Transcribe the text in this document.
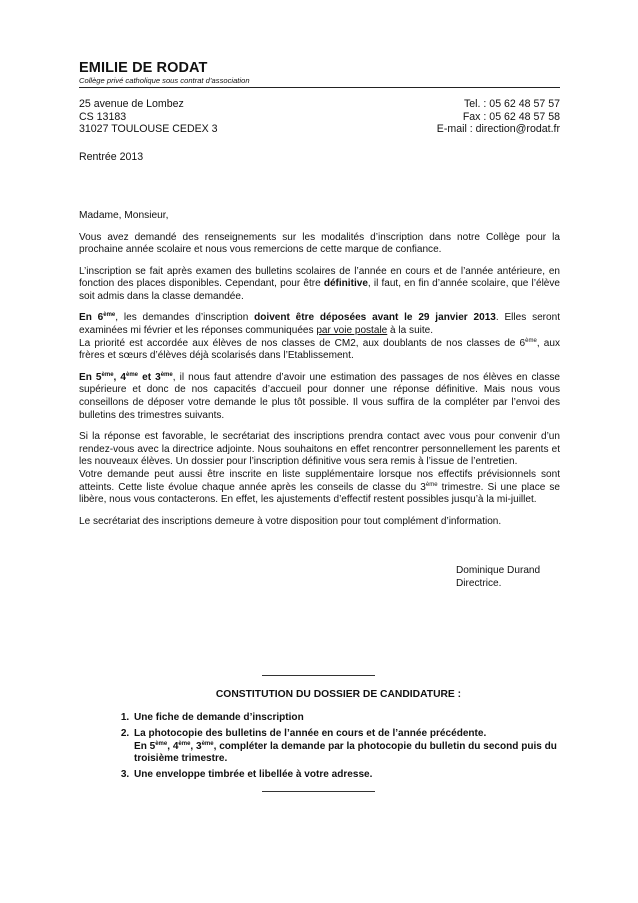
EMILIE DE RODAT
Collège privé catholique sous contrat d’association
25 avenue de Lombez
CS 13183
31027 TOULOUSE CEDEX 3
Tel. : 05 62 48 57 57
Fax : 05 62 48 57 58
E-mail : direction@rodat.fr
Rentrée 2013
Madame, Monsieur,

Vous avez demandé des renseignements sur les modalités d’inscription dans notre Collège pour la prochaine année scolaire et nous vous remercions de cette marque de confiance.

L’inscription se fait après examen des bulletins scolaires de l’année en cours et de l’année antérieure, en fonction des places disponibles. Cependant, pour être définitive, il faut, en fin d’année scolaire, que l’élève soit admis dans la classe demandée.

En 6ème, les demandes d’inscription doivent être déposées avant le 29 janvier 2013. Elles seront examinées mi février et les réponses communiquées par voie postale à la suite.
La priorité est accordée aux élèves de nos classes de CM2, aux doublants de nos classes de 6ème, aux frères et sœurs d’élèves déjà scolarisés dans l’Etablissement.

En 5ème, 4ème et 3ème, il nous faut attendre d’avoir une estimation des passages de nos élèves en classe supérieure et donc de nos capacités d’accueil pour donner une réponse définitive. Mais nous vous conseillons de déposer votre demande le plus tôt possible. Il vous suffira de la compléter par l’envoi des bulletins des trimestres suivants.

Si la réponse est favorable, le secrétariat des inscriptions prendra contact avec vous pour convenir d’un rendez-vous avec la directrice adjointe. Nous souhaitons en effet rencontrer personnellement les parents et les nouveaux élèves. Un dossier pour l’inscription définitive vous sera remis à l’issue de l’entretien.
Votre demande peut aussi être inscrite en liste supplémentaire lorsque nos effectifs prévisionnels sont atteints. Cette liste évolue chaque année après les conseils de classe du 3ème trimestre. Si une place se libère, nous vous contacterons. En effet, les ajustements d’effectif restent possibles jusqu’à la mi-juillet.

Le secrétariat des inscriptions demeure à votre disposition pour tout complément d’information.

Dominique Durand
Directrice.
CONSTITUTION DU DOSSIER DE CANDIDATURE :
1. Une fiche de demande d’inscription
2. La photocopie des bulletins de l’année en cours et de l’année précédente.
En 5ème, 4ème, 3ème, compléter la demande par la photocopie du bulletin du second puis du troisième trimestre.
3. Une enveloppe timbrée et libellée à votre adresse.
